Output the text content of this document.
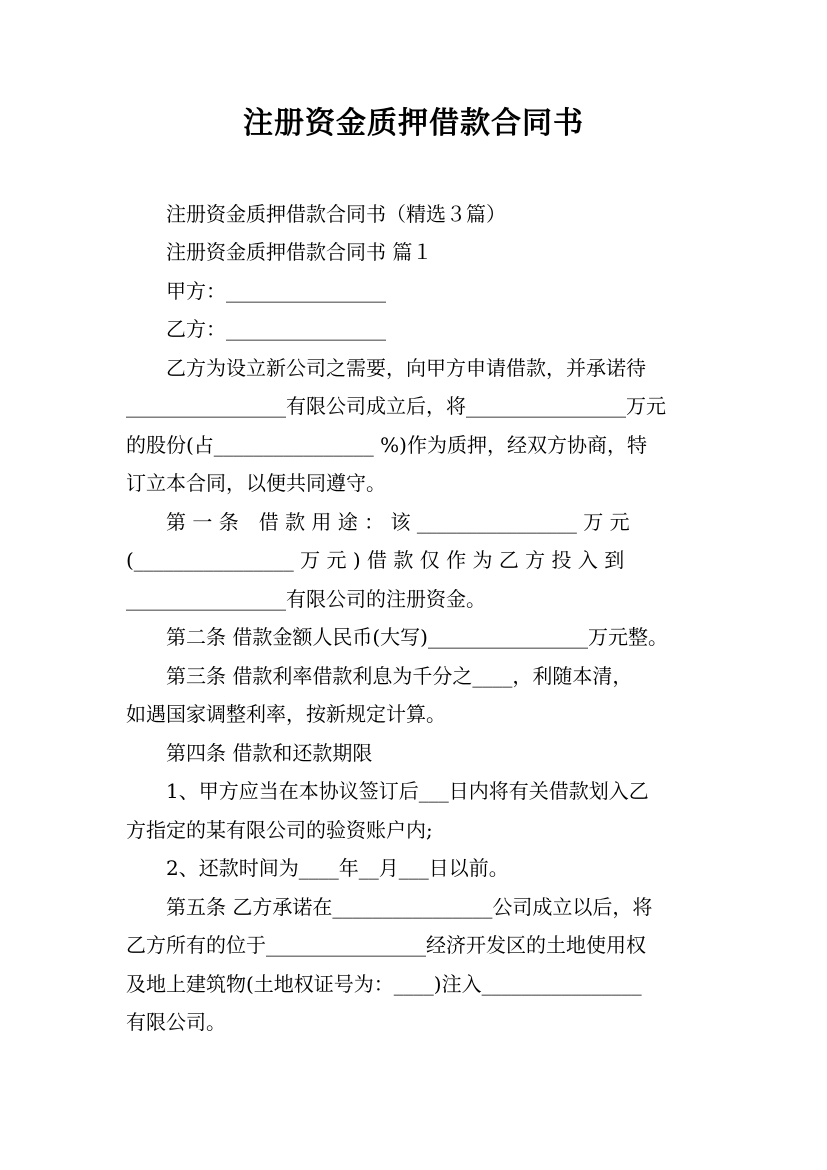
注册资金质押借款合同书
　　注册资金质押借款合同书（精选３篇）
　　注册资金质押借款合同书 篇１
　　甲方：________________
　　乙方：________________
　　乙方为设立新公司之需要，向甲方申请借款，并承诺待
________________有限公司成立后，将________________万元
的股份(占________________ %)作为质押，经双方协商，特
订立本合同，以便共同遵守。
　　第 一 条　借 款 用 途 ： 该 ________________ 万 元
(________________ 万 元 ) 借 款 仅 作 为 乙 方 投 入 到
________________有限公司的注册资金。
　　第二条 借款金额人民币(大写)________________万元整。
　　第三条 借款利率借款利息为千分之____，利随本清，
如遇国家调整利率，按新规定计算。
　　第四条 借款和还款期限
　　1、甲方应当在本协议签订后___日内将有关借款划入乙
方指定的某有限公司的验资账户内;
　　2、还款时间为____年__月___日以前。
　　第五条 乙方承诺在________________公司成立以后，将
乙方所有的位于________________经济开发区的土地使用权
及地上建筑物(土地权证号为：____)注入________________
有限公司。
